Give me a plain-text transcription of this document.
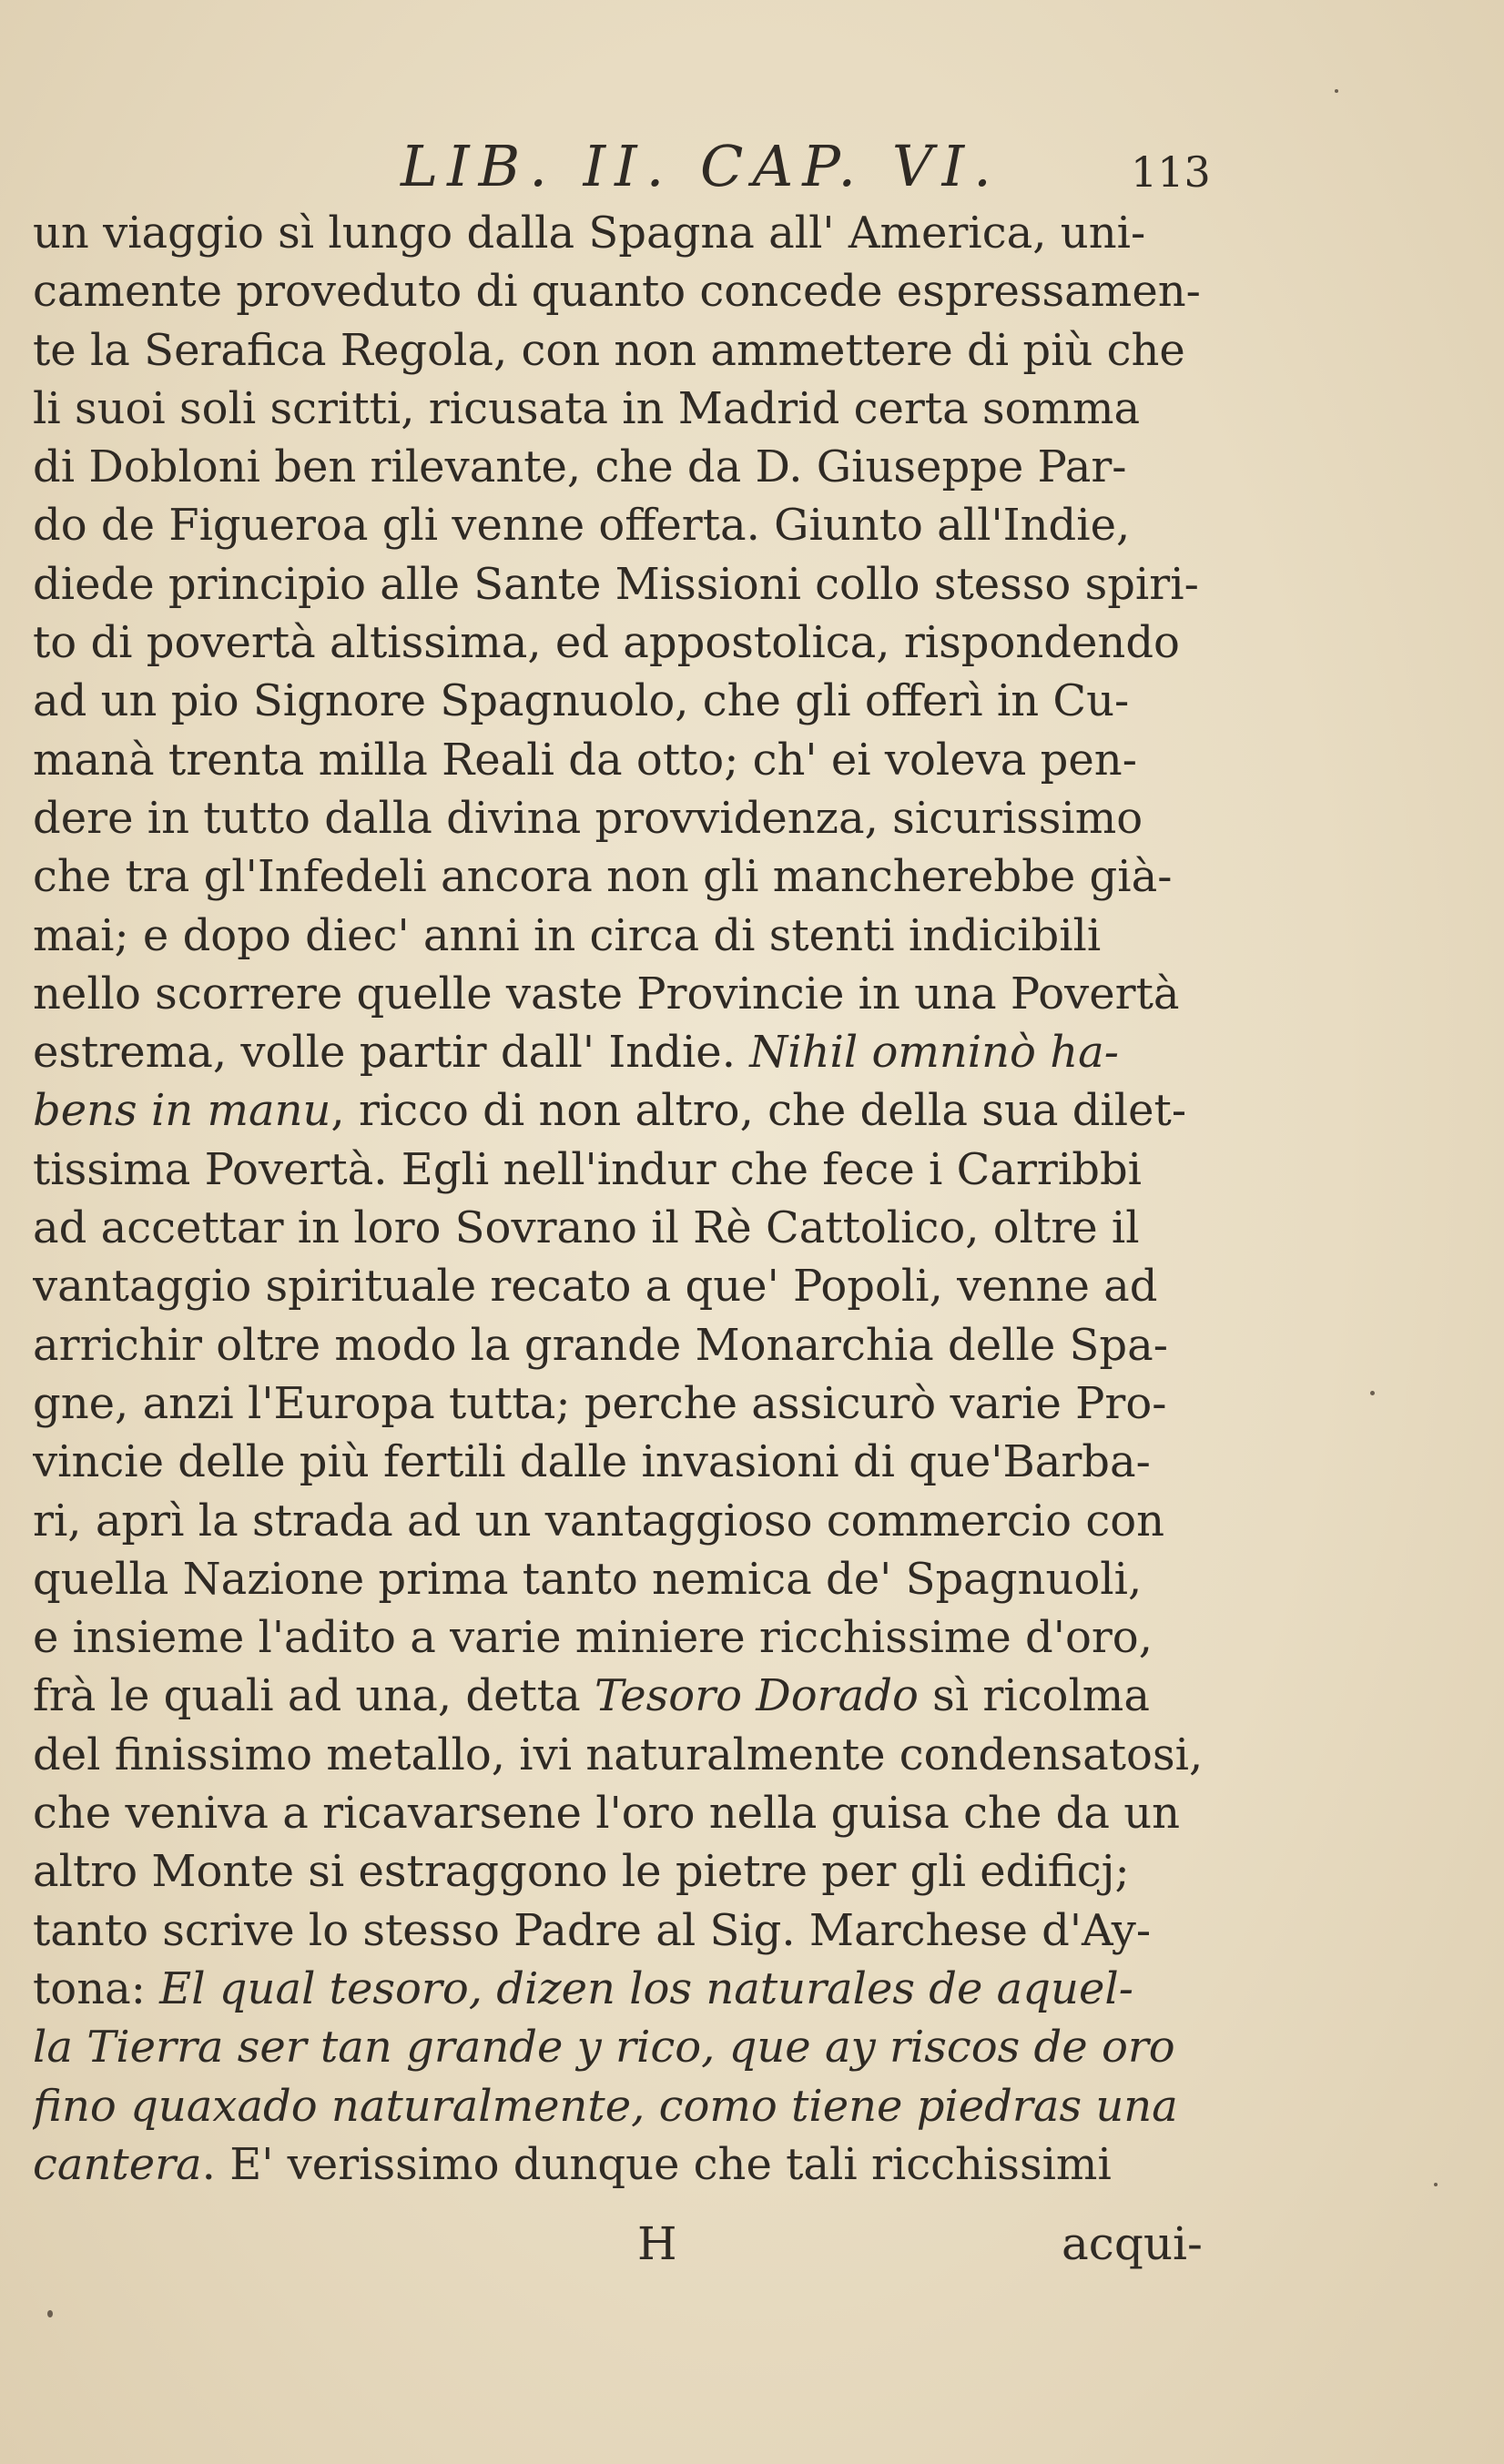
LIB. II. CAP. VI.	113
un viaggio sì lungo dalla Spagna all' America, uni-
camente proveduto di quanto concede espressamen-
te la Serafica Regola, con non ammettere di più che
li suoi soli scritti, ricusata in Madrid certa somma
di Dobloni ben rilevante, che da D. Giuseppe Par-
do de Figueroa gli venne offerta. Giunto all'Indie,
diede principio alle Sante Missioni collo stesso spiri-
to di povertà altissima, ed appostolica, rispondendo
ad un pio Signore Spagnuolo, che gli offerì in Cu-
manà trenta milla Reali da otto; ch' ei voleva pen-
dere in tutto dalla divina provvidenza, sicurissimo
che tra gl'Infedeli ancora non gli mancherebbe già-
mai; e dopo diec' anni in circa di stenti indicibili
nello scorrere quelle vaste Provincie in una Povertà
estrema, volle partir dall' Indie. Nihil omninò ha-
bens in manu, ricco di non altro, che della sua dilet-
tissima Povertà. Egli nell'indur che fece i Carribbi
ad accettar in loro Sovrano il Rè Cattolico, oltre il
vantaggio spirituale recato a que' Popoli, venne ad
arrichir oltre modo la grande Monarchia delle Spa-
gne, anzi l'Europa tutta; perche assicurò varie Pro-
vincie delle più fertili dalle invasioni di que'Barba-
ri, aprì la strada ad un vantaggioso commercio con
quella Nazione prima tanto nemica de' Spagnuoli,
e insieme l'adito a varie miniere ricchissime d'oro,
frà le quali ad una, detta Tesoro Dorado sì ricolma
del finissimo metallo, ivi naturalmente condensatosi,
che veniva a ricavarsene l'oro nella guisa che da un
altro Monte si estraggono le pietre per gli edificj;
tanto scrive lo stesso Padre al Sig. Marchese d'Ay-
tona: El qual tesoro, dizen los naturales de aquel-
la Tierra ser tan grande y rico, que ay riscos de oro
fino quaxado naturalmente, como tiene piedras una
cantera. E' verissimo dunque che tali ricchissimi
H	acqui-
